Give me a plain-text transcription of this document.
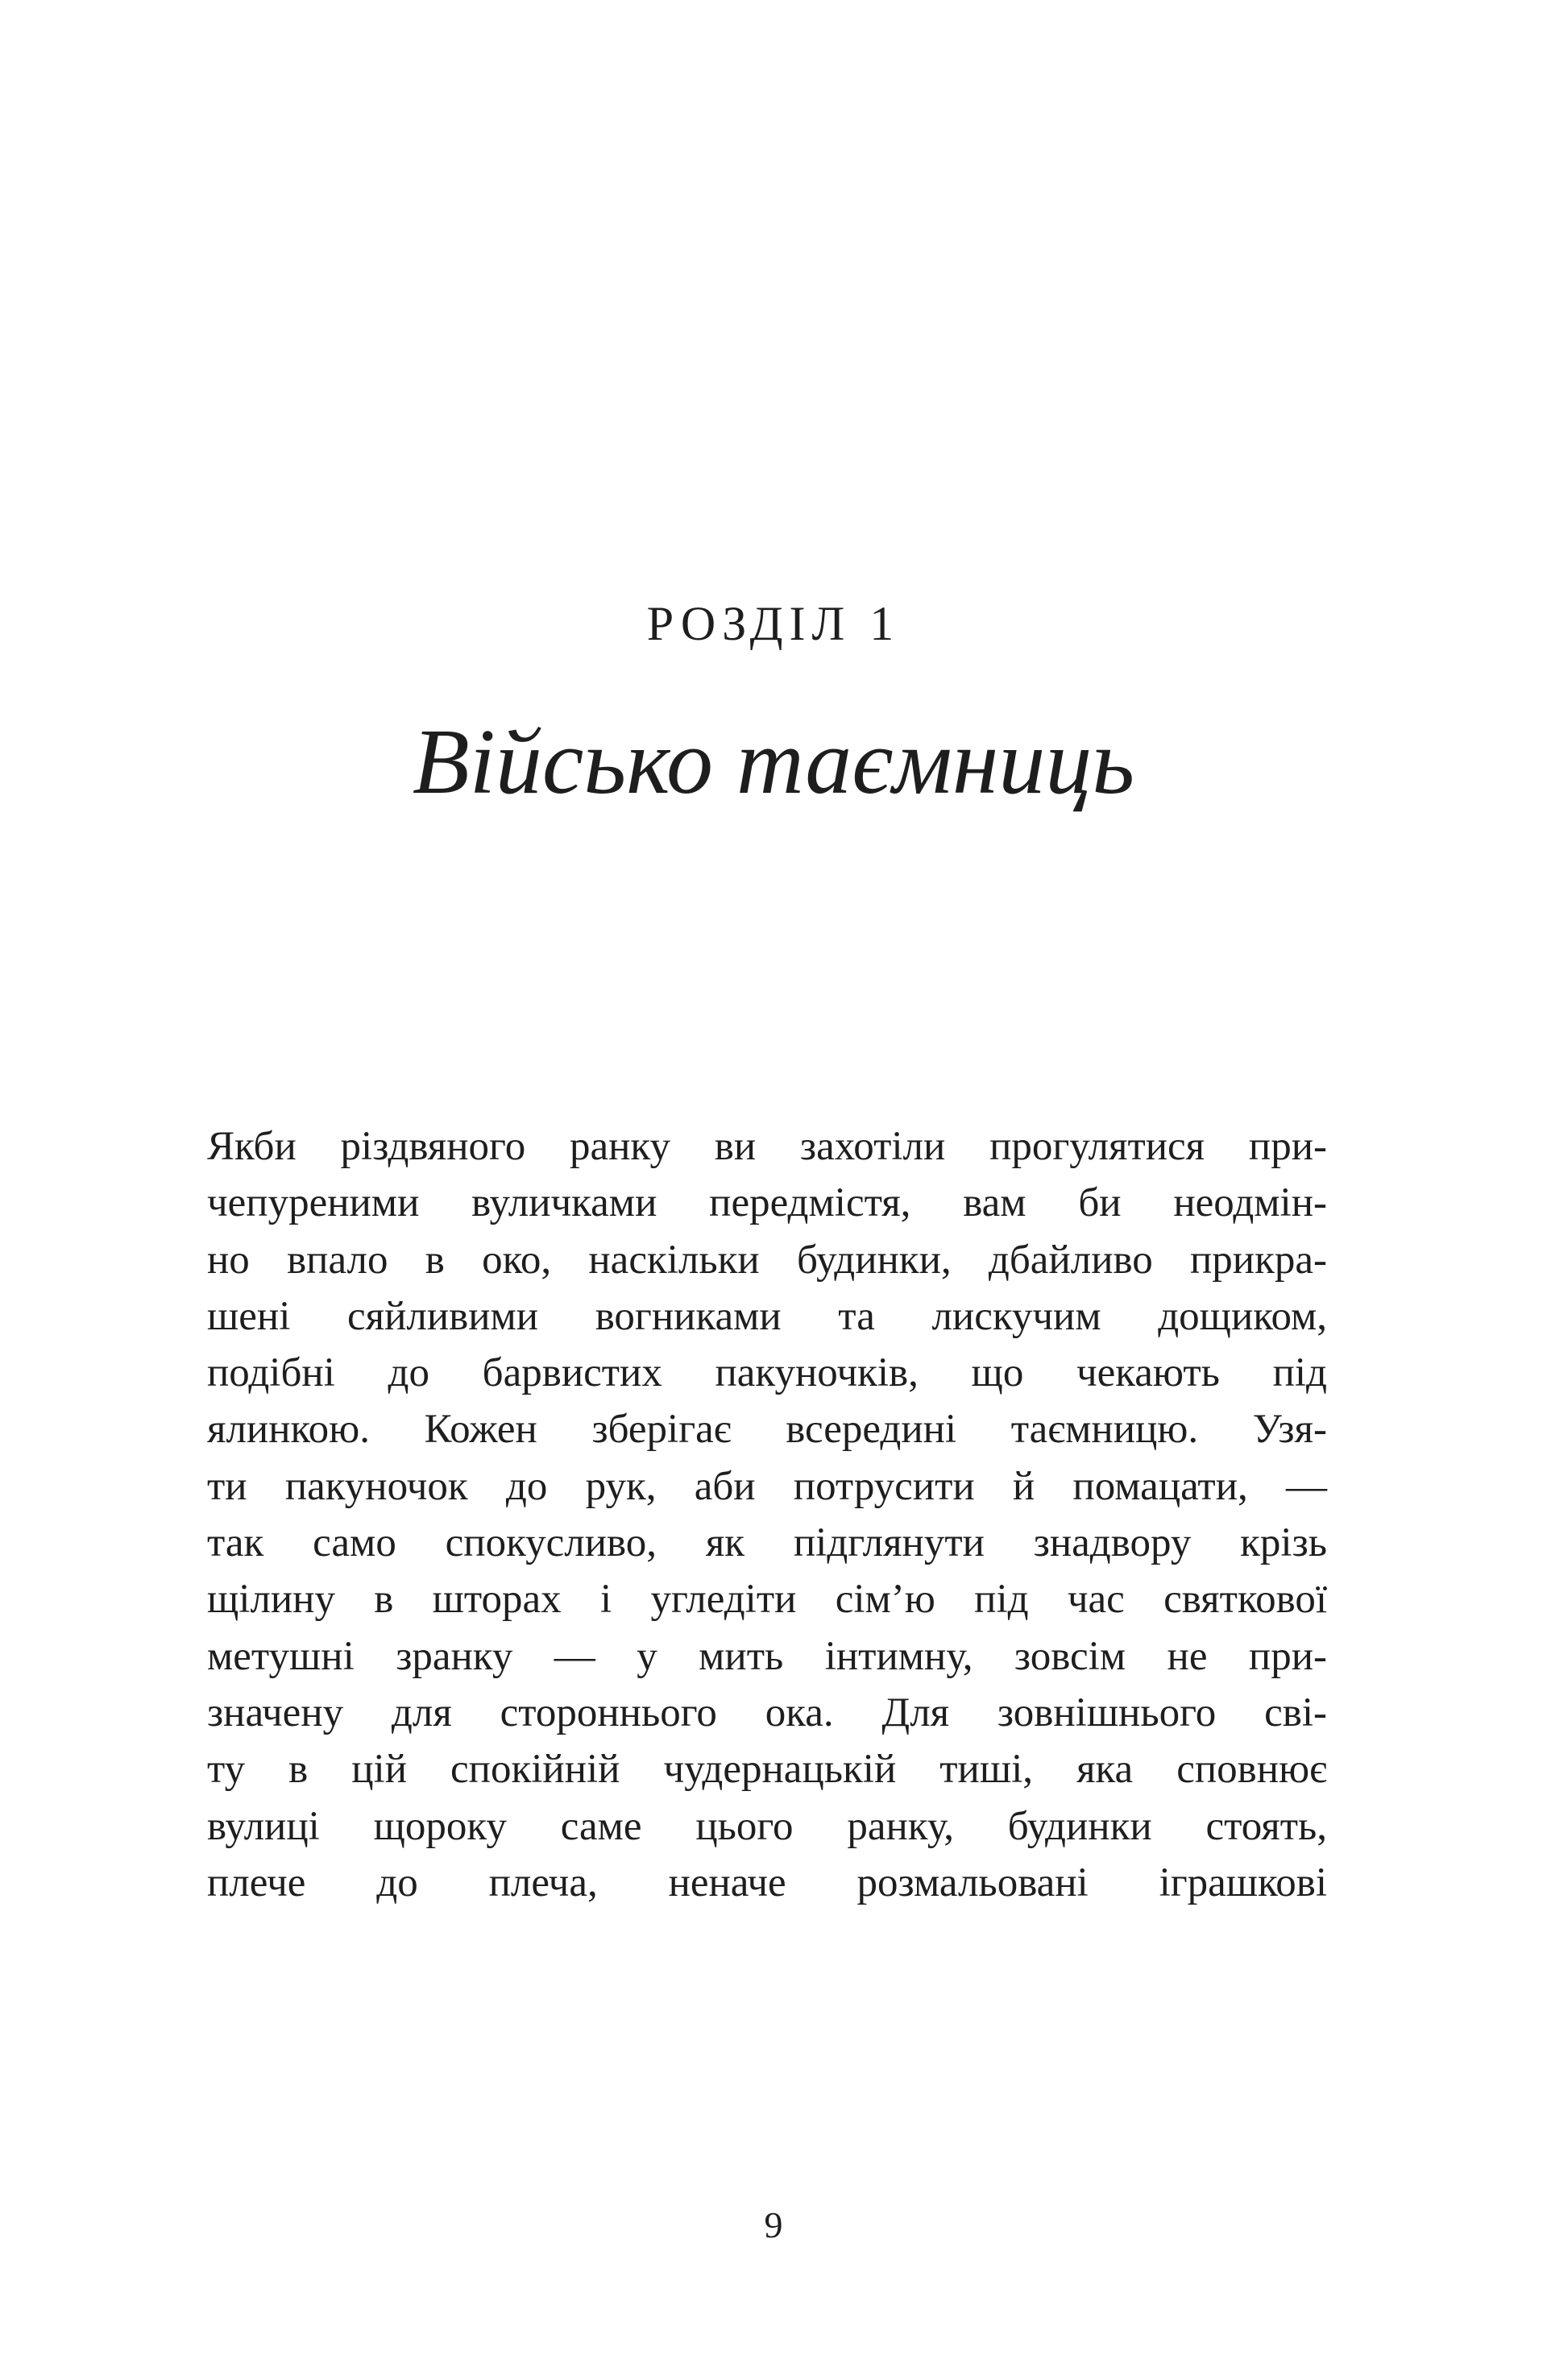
РОЗДІЛ 1
Військо таємниць
Якби різдвяного ранку ви захотіли прогулятися при-
чепуреними вуличками передмістя, вам би неодмін-
но впало в око, наскільки будинки, дбайливо прикра-
шені сяйливими вогниками та лискучим дощиком,
подібні до барвистих пакуночків, що чекають під
ялинкою. Кожен зберігає всередині таємницю. Узя-
ти пакуночок до рук, аби потрусити й помацати, —
так само спокусливо, як підглянути знадвору крізь
щілину в шторах і угледіти сім’ю під час святкової
метушні зранку — у мить інтимну, зовсім не при-
значену для стороннього ока. Для зовнішнього сві-
ту в цій спокійній чудернацькій тиші, яка сповнює
вулиці щороку саме цього ранку, будинки стоять,
плече до плеча, неначе розмальовані іграшкові
9
